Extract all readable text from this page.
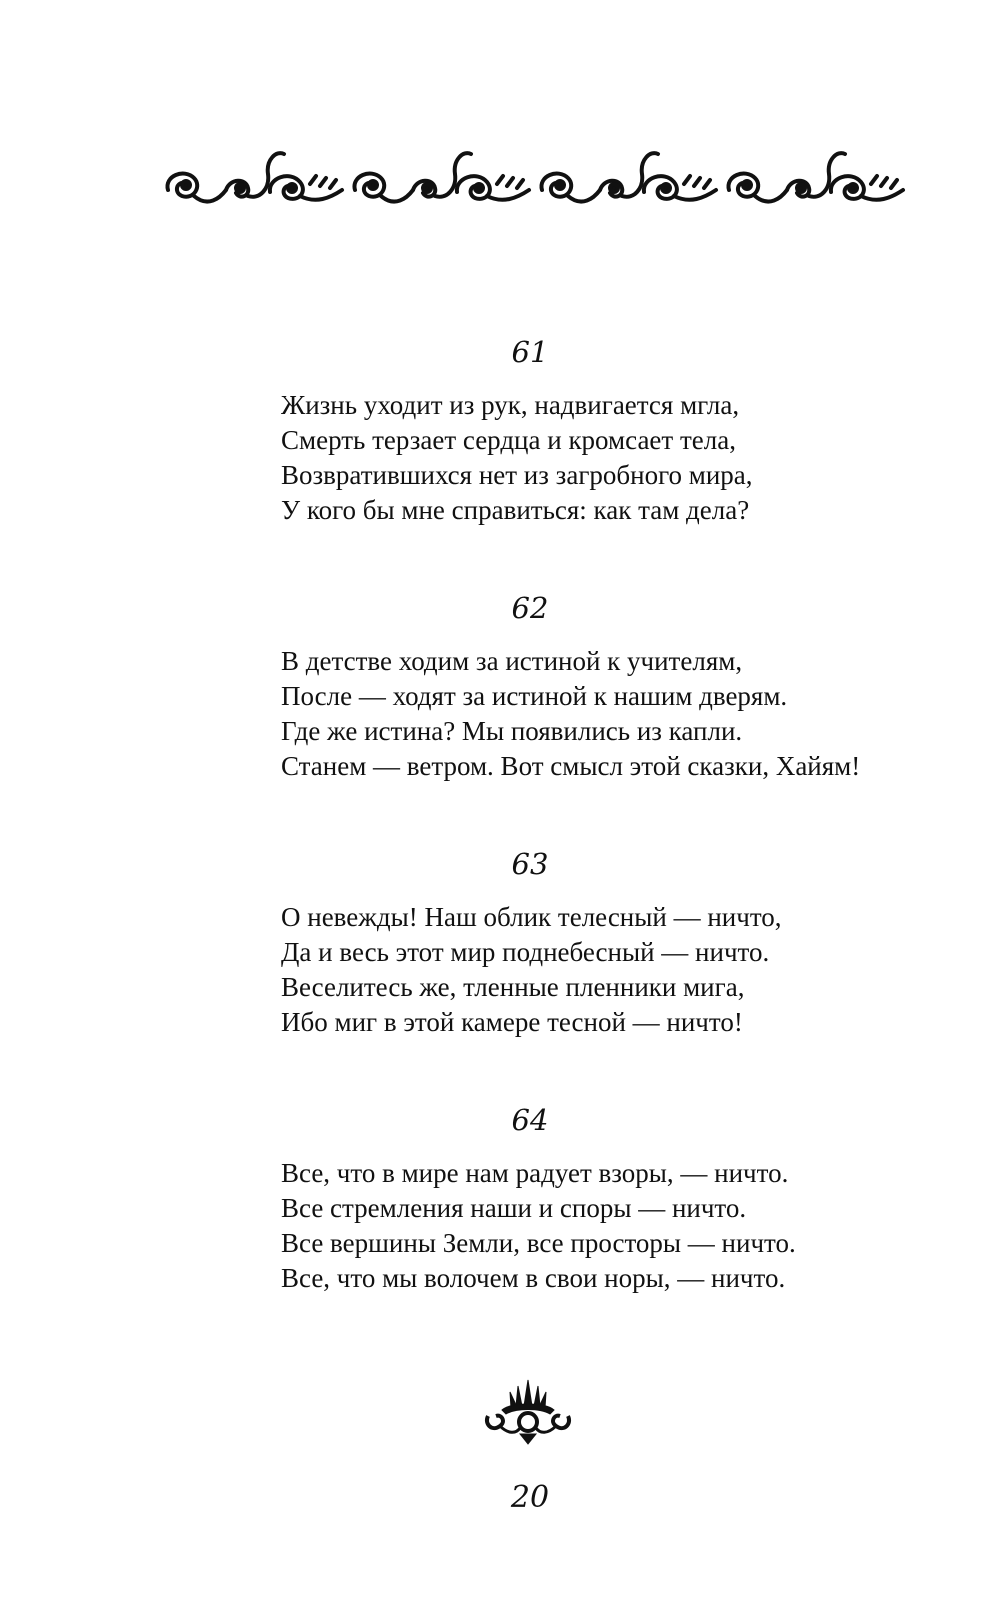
61
Жизнь уходит из рук, надвигается мгла,
Смерть терзает сердца и кромсает тела,
Возвратившихся нет из загробного мира,
У кого бы мне справиться: как там дела?
62
В детстве ходим за истиной к учителям,
После — ходят за истиной к нашим дверям.
Где же истина? Мы появились из капли.
Станем — ветром. Вот смысл этой сказки, Хайям!
63
О невежды! Наш облик телесный — ничто,
Да и весь этот мир поднебесный — ничто.
Веселитесь же, тленные пленники мига,
Ибо миг в этой камере тесной — ничто!
64
Все, что в мире нам радует взоры, — ничто.
Все стремления наши и споры — ничто.
Все вершины Земли, все просторы — ничто.
Все, что мы волочем в свои норы, — ничто.
20
